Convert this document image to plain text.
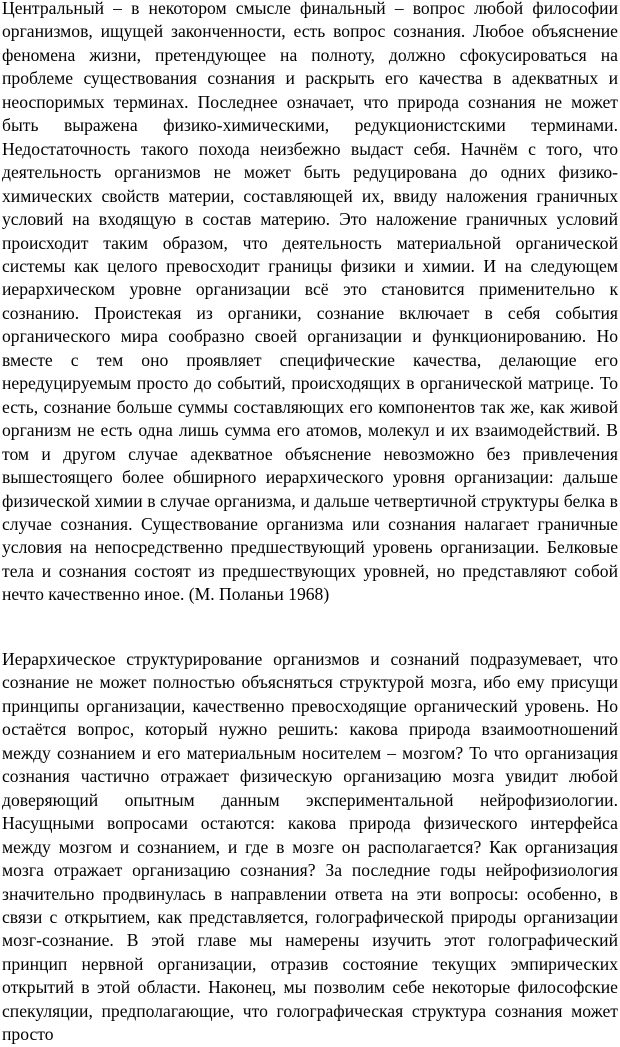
Центральный – в некотором смысле финальный – вопрос любой философии организмов, ищущей законченности, есть вопрос сознания. Любое объяснение феномена жизни, претендующее на полноту, должно сфокусироваться на проблеме существования сознания и раскрыть его качества в адекватных и неоспоримых терминах. Последнее означает, что природа сознания не может быть выражена физико-химическими, редукционистскими терминами. Недостаточность такого похода неизбежно выдаст себя. Начнём с того, что деятельность организмов не может быть редуцирована до одних физико-химических свойств материи, составляющей их, ввиду наложения граничных условий на входящую в состав материю. Это наложение граничных условий происходит таким образом, что деятельность материальной органической системы как целого превосходит границы физики и химии. И на следующем иерархическом уровне организации всё это становится применительно к сознанию. Проистекая из органики, сознание включает в себя события органического мира сообразно своей организации и функционированию. Но вместе с тем оно проявляет специфические качества, делающие его нередуцируемым просто до событий, происходящих в органической матрице. То есть, сознание больше суммы составляющих его компонентов так же, как живой организм не есть одна лишь сумма его атомов, молекул и их взаимодействий. В том и другом случае адекватное объяснение невозможно без привлечения вышестоящего более обширного иерархического уровня организации: дальше физической химии в случае организма, и дальше четвертичной структуры белка в случае сознания. Существование организма или сознания налагает граничные условия на непосредственно предшествующий уровень организации. Белковые тела и сознания состоят из предшествующих уровней, но представляют собой нечто качественно иное. (М. Поланьи 1968)

Иерархическое структурирование организмов и сознаний подразумевает, что сознание не может полностью объясняться структурой мозга, ибо ему присущи принципы организации, качественно превосходящие органический уровень. Но остаётся вопрос, который нужно решить: какова природа взаимоотношений между сознанием и его материальным носителем – мозгом? То что организация сознания частично отражает физическую организацию мозга увидит любой доверяющий опытным данным экспериментальной нейрофизиологии. Насущными вопросами остаются: какова природа физического интерфейса между мозгом и сознанием, и где в мозге он располагается? Как организация мозга отражает организацию сознания? За последние годы нейрофизиология значительно продвинулась в направлении ответа на эти вопросы: особенно, в связи с открытием, как представляется, голографической природы организации мозг-сознание. В этой главе мы намерены изучить этот голографический принцип нервной организации, отразив состояние текущих эмпирических открытий в этой области. Наконец, мы позволим себе некоторые философские спекуляции, предполагающие, что голографическая структура сознания может просто
